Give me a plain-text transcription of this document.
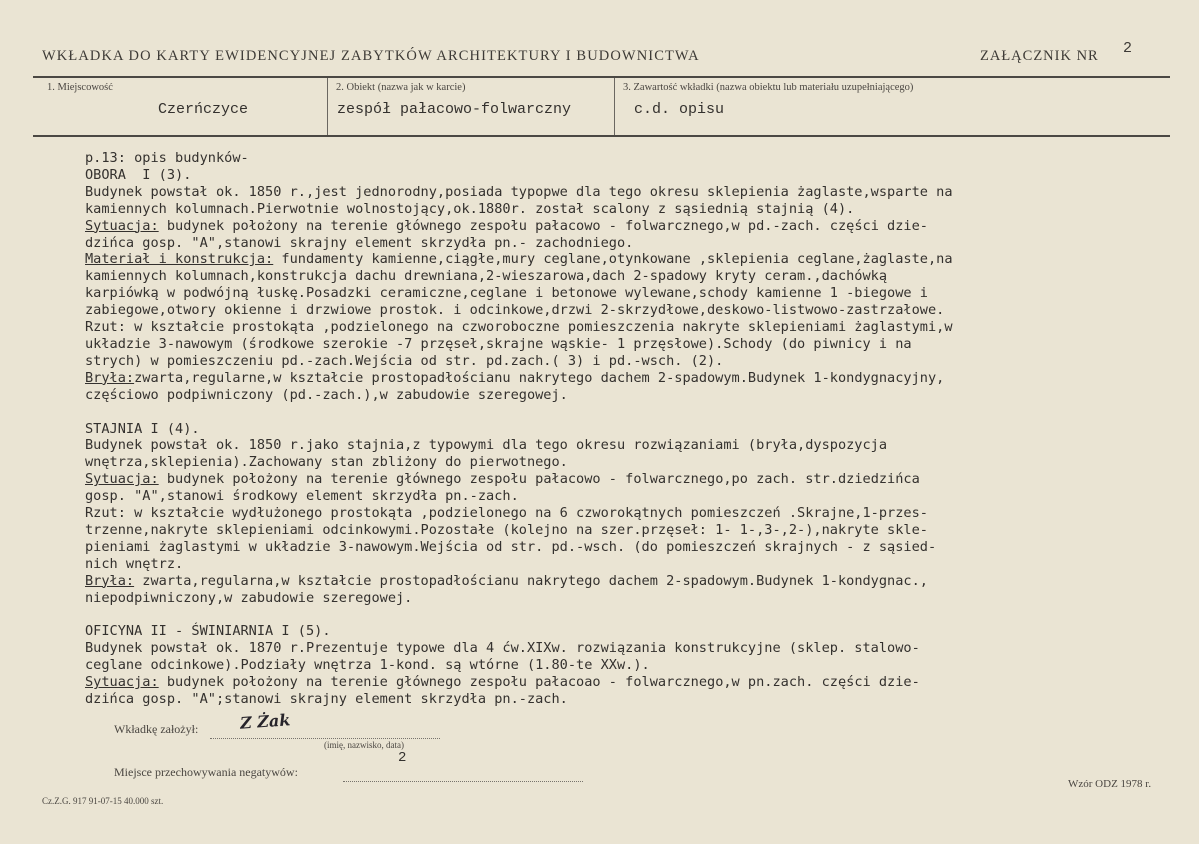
WKŁADKA DO KARTY EWIDENCYJNEJ ZABYTKÓW ARCHITEKTURY I BUDOWNICTWA	ZAŁĄCZNIK NR 2
1. Miejscowość
Czerńczyce
2. Obiekt (nazwa jak w karcie)
zespół pałacowo-folwarczny
3. Zawartość wkładki (nazwa obiektu lub materiału uzupełniającego)
c.d. opisu
p.13: opis budynków-
OBORA  I (3).
Budynek powstał ok. 1850 r.,jest jednorodny,posiada typopwe dla tego okresu sklepienia żaglaste,wsparte na
kamiennych kolumnach.Pierwotnie wolnostojący,ok.1880r. został scalony z sąsiednią stajnią (4).
Sytuacja: budynek położony na terenie głównego zespołu pałacowo - folwarcznego,w pd.-zach. części dzie-
dzińca gosp. "A",stanowi skrajny element skrzydła pn.- zachodniego.
Materiał i konstrukcja: fundamenty kamienne,ciągłe,mury ceglane,otynkowane ,sklepienia ceglane,żaglaste,na
kamiennych kolumnach,konstrukcja dachu drewniana,2-wieszarowa,dach 2-spadowy kryty ceram.,dachówką
karpiówką w podwójną łuskę.Posadzki ceramiczne,ceglane i betonowe wylewane,schody kamienne 1 -biegowe i
zabiegowe,otwory okienne i drzwiowe prostok. i odcinkowe,drzwi 2-skrzydłowe,deskowo-listwowo-zastrzałowe.
Rzut: w kształcie prostokąta ,podzielonego na czworoboczne pomieszczenia nakryte sklepieniami żaglastymi,w
układzie 3-nawowym (środkowe szerokie -7 przęseł,skrajne wąskie- 1 przęsłowe).Schody (do piwnicy i na
strych) w pomieszczeniu pd.-zach.Wejścia od str. pd.zach.( 3) i pd.-wsch. (2).
Bryła:zwarta,regularne,w kształcie prostopadłościanu nakrytego dachem 2-spadowym.Budynek 1-kondygnacyjny,
częściowo podpiwniczony (pd.-zach.),w zabudowie szeregowej.

STAJNIA I (4).
Budynek powstał ok. 1850 r.jako stajnia,z typowymi dla tego okresu rozwiązaniami (bryła,dyspozycja
wnętrza,sklepienia).Zachowany stan zbliżony do pierwotnego.
Sytuacja: budynek położony na terenie głównego zespołu pałacowo - folwarcznego,po zach. str.dziedzińca
gosp. "A",stanowi środkowy element skrzydła pn.-zach.
Rzut: w kształcie wydłużonego prostokąta ,podzielonego na 6 czworokątnych pomieszczeń .Skrajne,1-przes-
trzenne,nakryte sklepieniami odcinkowymi.Pozostałe (kolejno na szer.przęseł: 1- 1-,3-,2-),nakryte skle-
pieniami żaglastymi w układzie 3-nawowym.Wejścia od str. pd.-wsch. (do pomieszczeń skrajnych - z sąsied-
nich wnętrz.
Bryła: zwarta,regularna,w kształcie prostopadłościanu nakrytego dachem 2-spadowym.Budynek 1-kondygnac.,
niepodpiwniczony,w zabudowie szeregowej.

OFICYNA II - ŚWINIARNIA I (5).
Budynek powstał ok. 1870 r.Prezentuje typowe dla 4 ćw.XIXw. rozwiązania konstrukcyjne (sklep. stalowo-
ceglane odcinkowe).Podziały wnętrza 1-kond. są wtórne (1.80-te XXw.).
Sytuacja: budynek położony na terenie głównego zespołu pałacoao - folwarcznego,w pn.zach. części dzie-
dzińca gosp. "A";stanowi skrajny element skrzydła pn.-zach.
Wkładkę założył:	Z Żak
(imię, nazwisko, data)
Miejsce przechowywania negatywów:
2
Cz.Z.G. 917 91-07-15 40.000 szt.
Wzór ODZ 1978 r.
